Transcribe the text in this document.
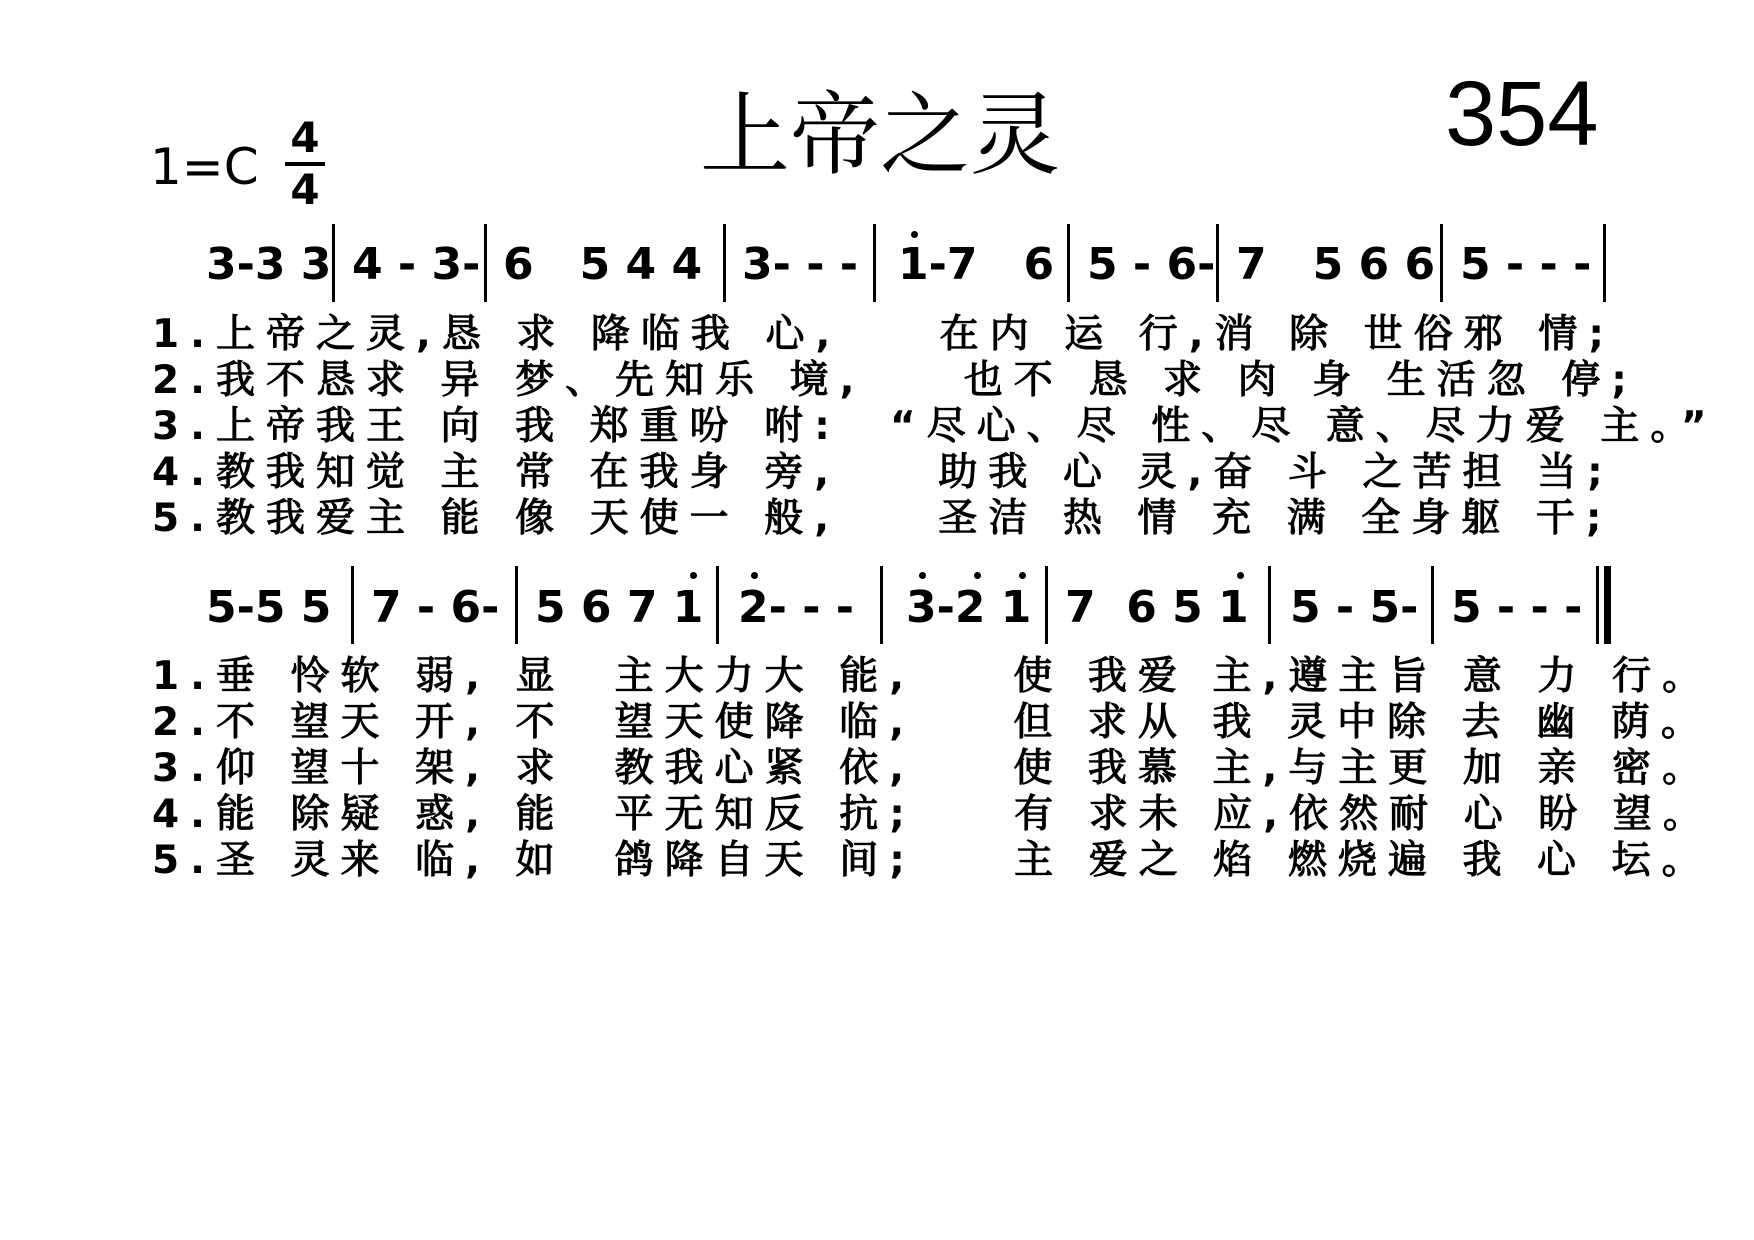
1=C
4
4
上帝之灵	354
3-3 3 4 - 3- 6   5 4 4 3- - - 1-7   6 5 - 6- 7   5 6 6 5 - - -
1.上帝之灵,恳 求 降临我 心,    在内 运 行,消 除 世俗邪 情;
2.我不恳求 异 梦、先知乐 境,    也不 恳 求 肉 身 生活忽 停;
3.上帝我王 向 我 郑重吩 咐:  “尽心、尽 性、尽 意、尽力爱 主。”
4.教我知觉 主 常 在我身 旁,    助我 心 灵,奋 斗 之苦担 当;
5.教我爱主 能 像 天使一 般,    圣洁 热 情 充 满 全身躯 干;
5-5 5 7 - 6- 5 6 7 1 2- - - 3-2 1 7  6 5 1 5 - 5- 5 - - -
1.垂 怜软 弱, 显  主大力大 能,    使 我爱 主,遵主旨 意 力 行。
2.不 望天 开, 不  望天使降 临,    但 求从 我 灵中除 去 幽 荫。
3.仰 望十 架, 求  教我心紧 依,    使 我慕 主,与主更 加 亲 密。
4.能 除疑 惑, 能  平无知反 抗;    有 求未 应,依然耐 心 盼 望。
5.圣 灵来 临, 如  鸽降自天 间;    主 爱之 焰 燃烧遍 我 心 坛。
